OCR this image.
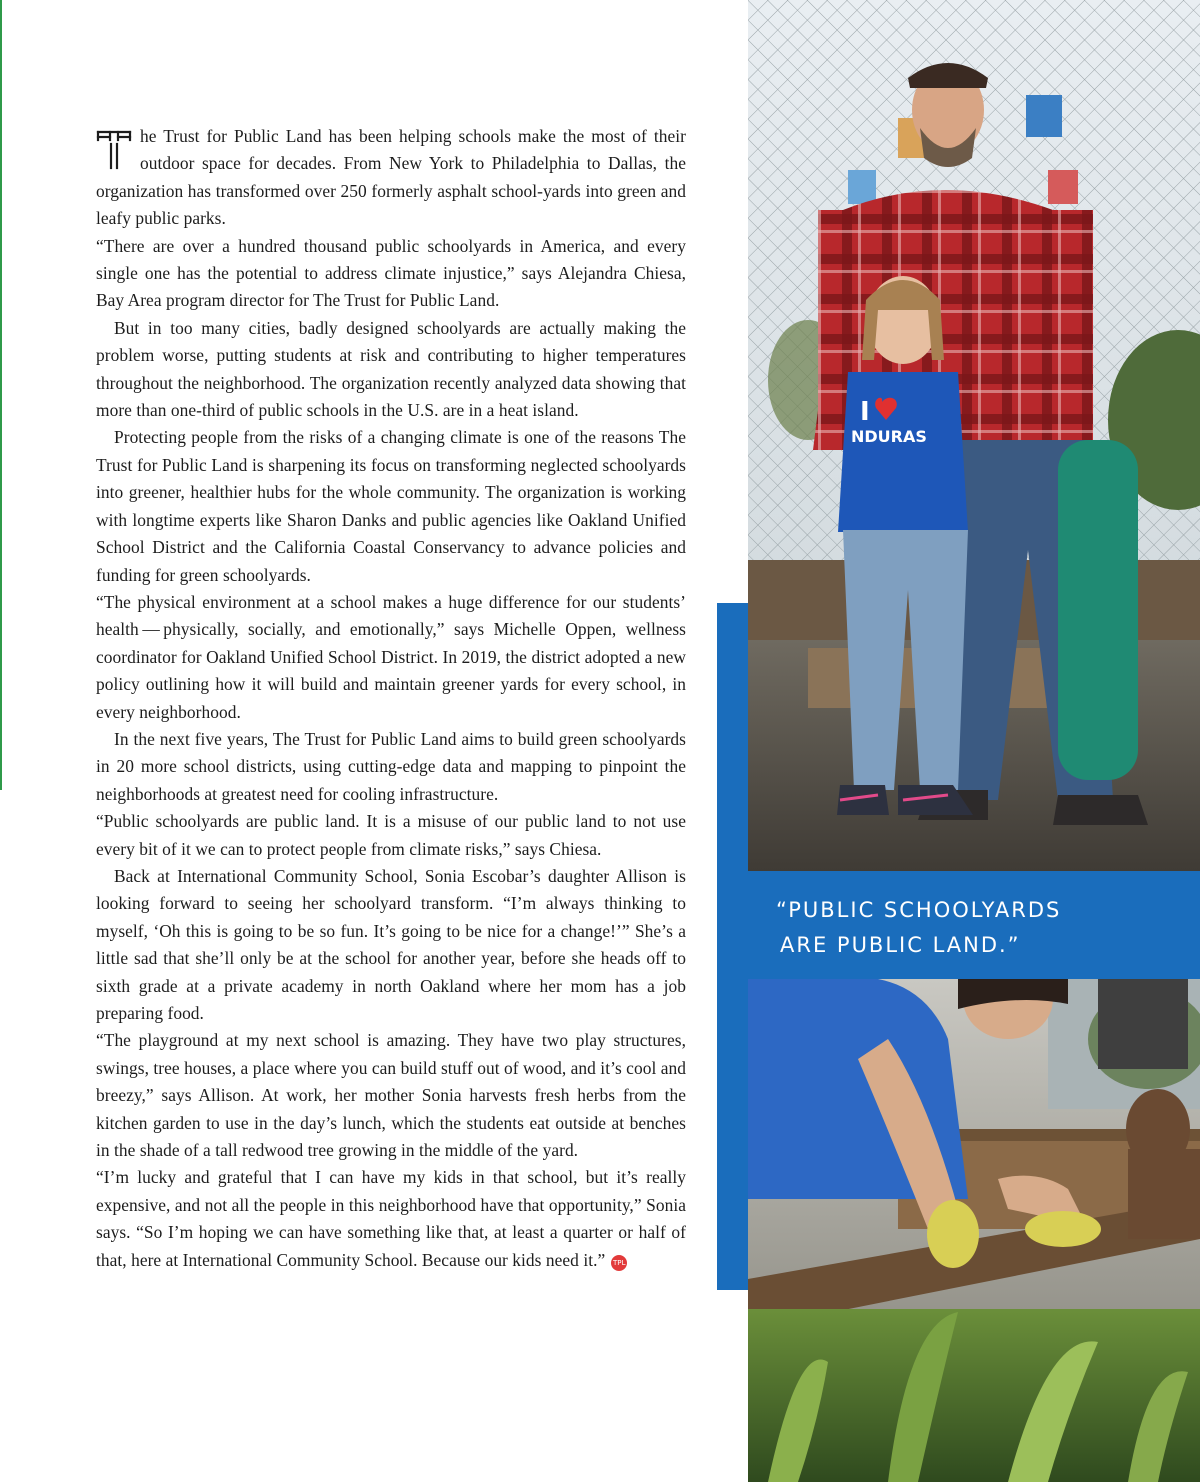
he Trust for Public Land has been helping schools make the most of their outdoor space for decades. From New York to Philadelphia to Dallas, the organization has transformed over 250 formerly asphalt school-yards into green and leafy public parks.

“There are over a hundred thousand public schoolyards in America, and every single one has the potential to address climate injustice,” says Alejandra Chiesa, Bay Area program director for The Trust for Public Land.

But in too many cities, badly designed schoolyards are actually making the problem worse, putting students at risk and contributing to higher temperatures throughout the neighborhood. The organization recently analyzed data showing that more than one-third of public schools in the U.S. are in a heat island.

Protecting people from the risks of a changing climate is one of the reasons The Trust for Public Land is sharpening its focus on transforming neglected schoolyards into greener, healthier hubs for the whole community. The organization is working with longtime experts like Sharon Danks and public agencies like Oakland Unified School District and the California Coastal Conservancy to advance policies and funding for green schoolyards.

“The physical environment at a school makes a huge difference for our students’ health — physically, socially, and emotionally,” says Michelle Oppen, wellness coordinator for Oakland Unified School District. In 2019, the district adopted a new policy outlining how it will build and maintain greener yards for every school, in every neighborhood.

In the next five years, The Trust for Public Land aims to build green schoolyards in 20 more school districts, using cutting-edge data and mapping to pinpoint the neighborhoods at greatest need for cooling infrastructure.

“Public schoolyards are public land. It is a misuse of our public land to not use every bit of it we can to protect people from climate risks,” says Chiesa.

Back at International Community School, Sonia Escobar’s daughter Allison is looking forward to seeing her schoolyard transform. “I’m always thinking to myself, ‘Oh this is going to be so fun. It’s going to be nice for a change!’” She’s a little sad that she’ll only be at the school for another year, before she heads off to sixth grade at a private academy in north Oakland where her mom has a job preparing food.

“The playground at my next school is amazing. They have two play structures, swings, tree houses, a place where you can build stuff out of wood, and it’s cool and breezy,” says Allison. At work, her mother Sonia harvests fresh herbs from the kitchen garden to use in the day’s lunch, which the students eat outside at benches in the shade of a tall redwood tree growing in the middle of the yard.

“I’m lucky and grateful that I can have my kids in that school, but it’s really expensive, and not all the people in this neighborhood have that opportunity,” Sonia says. “So I’m hoping we can have something like that, at least a quarter or half of that, here at International Community School. Because our kids need it.” TPL

I
NDURAS
“PUBLIC SCHOOLYARDS
ARE PUBLIC LAND.”
